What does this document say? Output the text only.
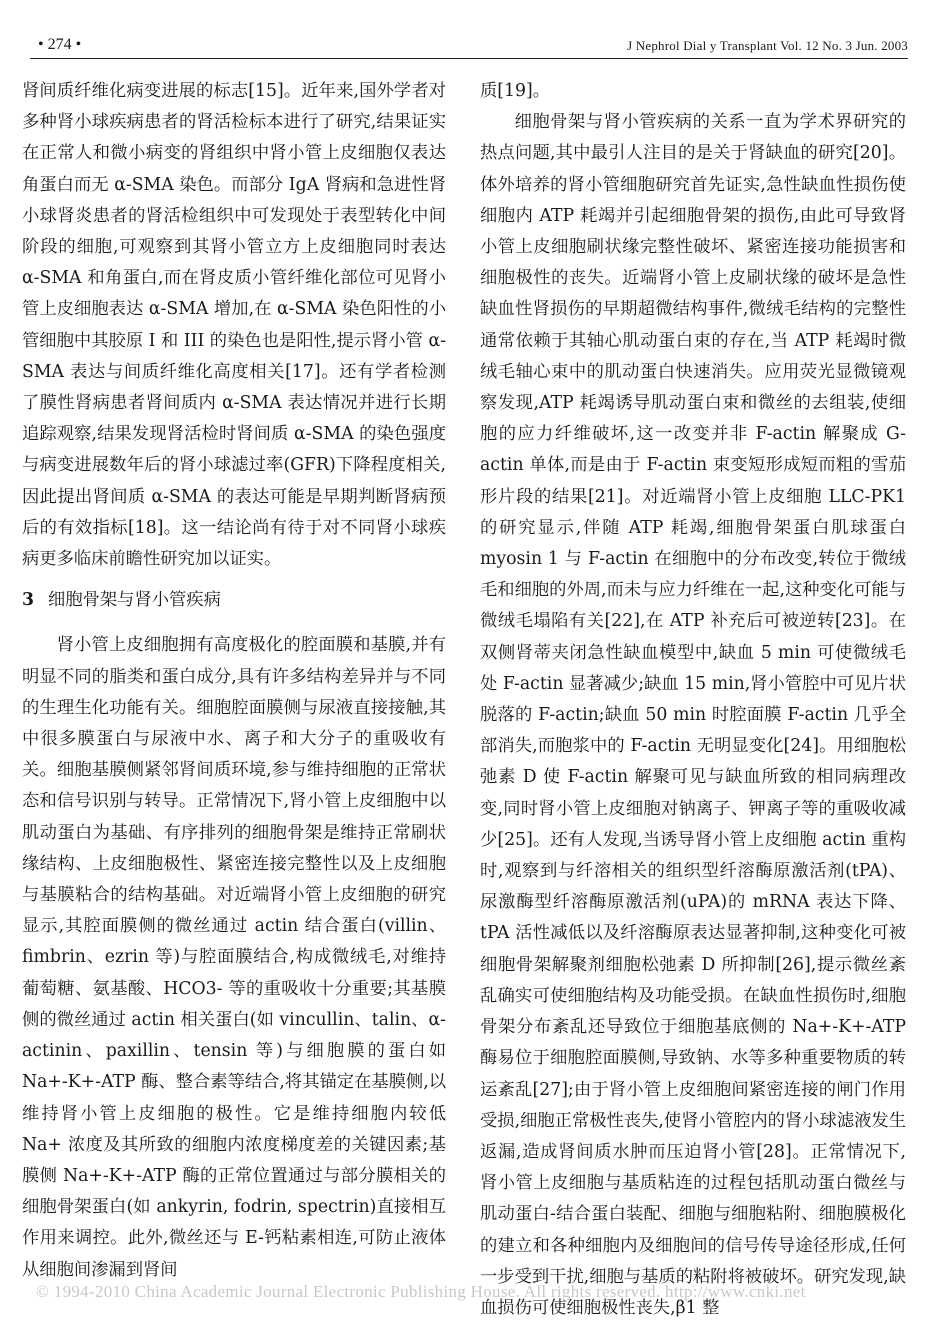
• 274 •	J Nephrol Dial y Transplant Vol. 12 No. 3 Jun. 2003

肾间质纤维化病变进展的标志[15]。近年来,国外学者对多种肾小球疾病患者的肾活检标本进行了研究,结果证实在正常人和微小病变的肾组织中肾小管上皮细胞仅表达角蛋白而无 α-SMA 染色。而部分 IgA 肾病和急进性肾小球肾炎患者的肾活检组织中可发现处于表型转化中间阶段的细胞,可观察到其肾小管立方上皮细胞同时表达 α-SMA 和角蛋白,而在肾皮质小管纤维化部位可见肾小管上皮细胞表达 α-SMA 增加,在 α-SMA 染色阳性的小管细胞中其胶原 I 和 III 的染色也是阳性,提示肾小管 α-SMA 表达与间质纤维化高度相关[17]。还有学者检测了膜性肾病患者肾间质内 α-SMA 表达情况并进行长期追踪观察,结果发现肾活检时肾间质 α-SMA 的染色强度与病变进展数年后的肾小球滤过率(GFR)下降程度相关,因此提出肾间质 α-SMA 的表达可能是早期判断肾病预后的有效指标[18]。这一结论尚有待于对不同肾小球疾病更多临床前瞻性研究加以证实。

3 细胞骨架与肾小管疾病

肾小管上皮细胞拥有高度极化的腔面膜和基膜,并有明显不同的脂类和蛋白成分,具有许多结构差异并与不同的生理生化功能有关。细胞腔面膜侧与尿液直接接触,其中很多膜蛋白与尿液中水、离子和大分子的重吸收有关。细胞基膜侧紧邻肾间质环境,参与维持细胞的正常状态和信号识别与转导。正常情况下,肾小管上皮细胞中以肌动蛋白为基础、有序排列的细胞骨架是维持正常刷状缘结构、上皮细胞极性、紧密连接完整性以及上皮细胞与基膜粘合的结构基础。对近端肾小管上皮细胞的研究显示,其腔面膜侧的微丝通过 actin 结合蛋白(villin、fimbrin、ezrin 等)与腔面膜结合,构成微绒毛,对维持葡萄糖、氨基酸、HCO3- 等的重吸收十分重要;其基膜侧的微丝通过 actin 相关蛋白(如 vincullin、talin、α-actinin、paxillin、tensin 等)与细胞膜的蛋白如 Na+-K+-ATP 酶、整合素等结合,将其锚定在基膜侧,以维持肾小管上皮细胞的极性。它是维持细胞内较低 Na+ 浓度及其所致的细胞内浓度梯度差的关键因素;基膜侧 Na+-K+-ATP 酶的正常位置通过与部分膜相关的细胞骨架蛋白(如 ankyrin, fodrin, spectrin)直接相互作用来调控。此外,微丝还与 E-钙粘素相连,可防止液体从细胞间渗漏到肾间

质[19]。

细胞骨架与肾小管疾病的关系一直为学术界研究的热点问题,其中最引人注目的是关于肾缺血的研究[20]。体外培养的肾小管细胞研究首先证实,急性缺血性损伤使细胞内 ATP 耗竭并引起细胞骨架的损伤,由此可导致肾小管上皮细胞刷状缘完整性破坏、紧密连接功能损害和细胞极性的丧失。近端肾小管上皮刷状缘的破坏是急性缺血性肾损伤的早期超微结构事件,微绒毛结构的完整性通常依赖于其轴心肌动蛋白束的存在,当 ATP 耗竭时微绒毛轴心束中的肌动蛋白快速消失。应用荧光显微镜观察发现,ATP 耗竭诱导肌动蛋白束和微丝的去组装,使细胞的应力纤维破坏,这一改变并非 F-actin 解聚成 G-actin 单体,而是由于 F-actin 束变短形成短而粗的雪茄形片段的结果[21]。对近端肾小管上皮细胞 LLC-PK1 的研究显示,伴随 ATP 耗竭,细胞骨架蛋白肌球蛋白 myosin 1 与 F-actin 在细胞中的分布改变,转位于微绒毛和细胞的外周,而未与应力纤维在一起,这种变化可能与微绒毛塌陷有关[22],在 ATP 补充后可被逆转[23]。在双侧肾蒂夹闭急性缺血模型中,缺血 5 min 可使微绒毛处 F-actin 显著减少;缺血 15 min,肾小管腔中可见片状脱落的 F-actin;缺血 50 min 时腔面膜 F-actin 几乎全部消失,而胞浆中的 F-actin 无明显变化[24]。用细胞松弛素 D 使 F-actin 解聚可见与缺血所致的相同病理改变,同时肾小管上皮细胞对钠离子、钾离子等的重吸收减少[25]。还有人发现,当诱导肾小管上皮细胞 actin 重构时,观察到与纤溶相关的组织型纤溶酶原激活剂(tPA)、尿激酶型纤溶酶原激活剂(uPA)的 mRNA 表达下降、tPA 活性减低以及纤溶酶原表达显著抑制,这种变化可被细胞骨架解聚剂细胞松弛素 D 所抑制[26],提示微丝紊乱确实可使细胞结构及功能受损。在缺血性损伤时,细胞骨架分布紊乱还导致位于细胞基底侧的 Na+-K+-ATP 酶易位于细胞腔面膜侧,导致钠、水等多种重要物质的转运紊乱[27];由于肾小管上皮细胞间紧密连接的闸门作用受损,细胞正常极性丧失,使肾小管腔内的肾小球滤液发生返漏,造成肾间质水肿而压迫肾小管[28]。正常情况下,肾小管上皮细胞与基质粘连的过程包括肌动蛋白微丝与肌动蛋白-结合蛋白装配、细胞与细胞粘附、细胞膜极化的建立和各种细胞内及细胞间的信号传导途径形成,任何一步受到干扰,细胞与基质的粘附将被破坏。研究发现,缺血损伤可使细胞极性丧失,β1 整

© 1994-2010 China Academic Journal Electronic Publishing House. All rights reserved. http://www.cnki.net
